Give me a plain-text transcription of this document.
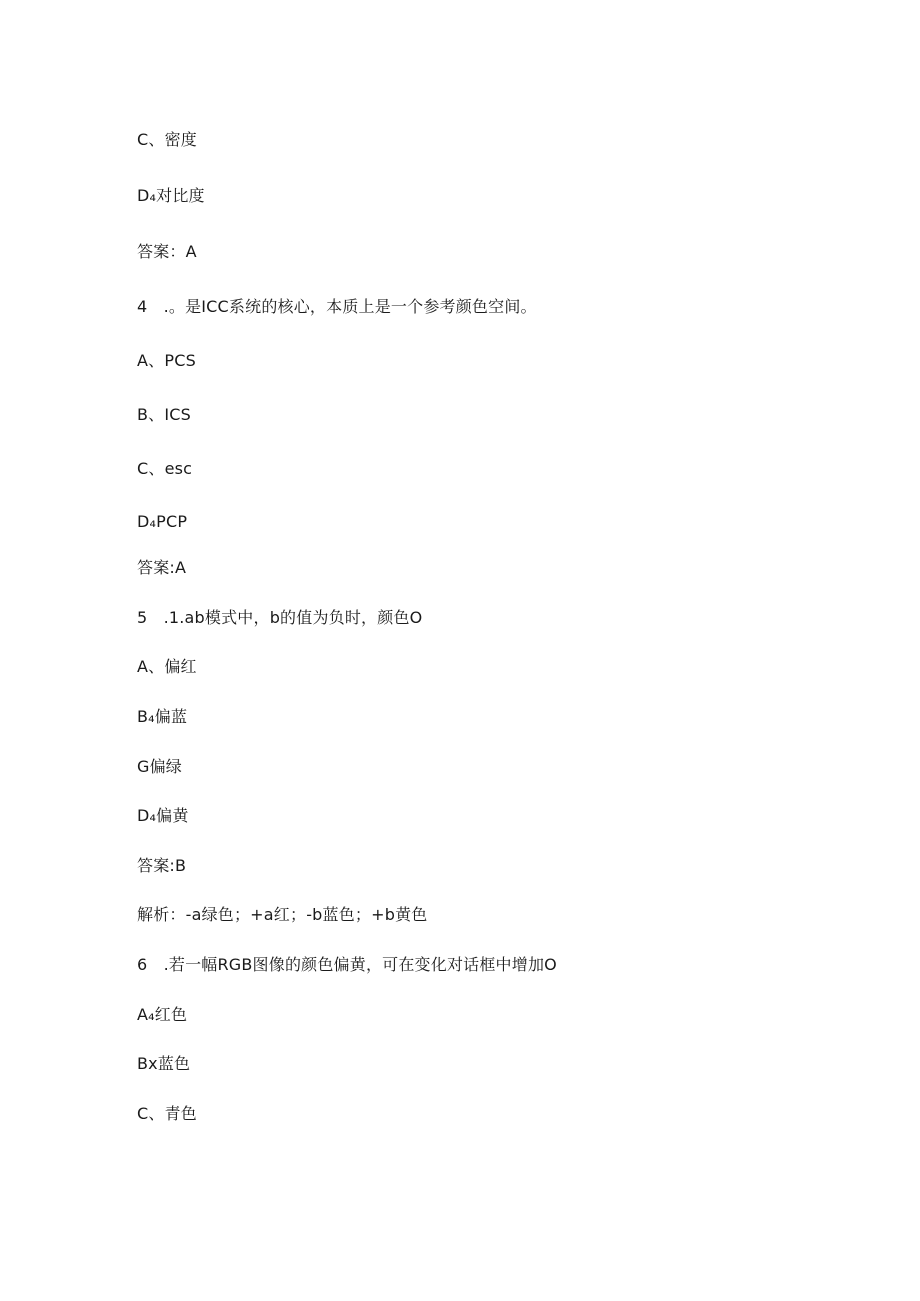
C、密度
D₄对比度
答案：A
4　.。是ICC系统的核心，本质上是一个参考颜色空间。
A、PCS
B、ICS
C、esc
D₄PCP
答案:A
5　.1.ab模式中，b的值为负时，颜色O
A、偏红
B₄偏蓝
G偏绿
D₄偏黄
答案:B
解析：-a绿色；+a红；-b蓝色；+b黄色
6　.若一幅RGB图像的颜色偏黄，可在变化对话框中增加O
A₄红色
Bx蓝色
C、青色
